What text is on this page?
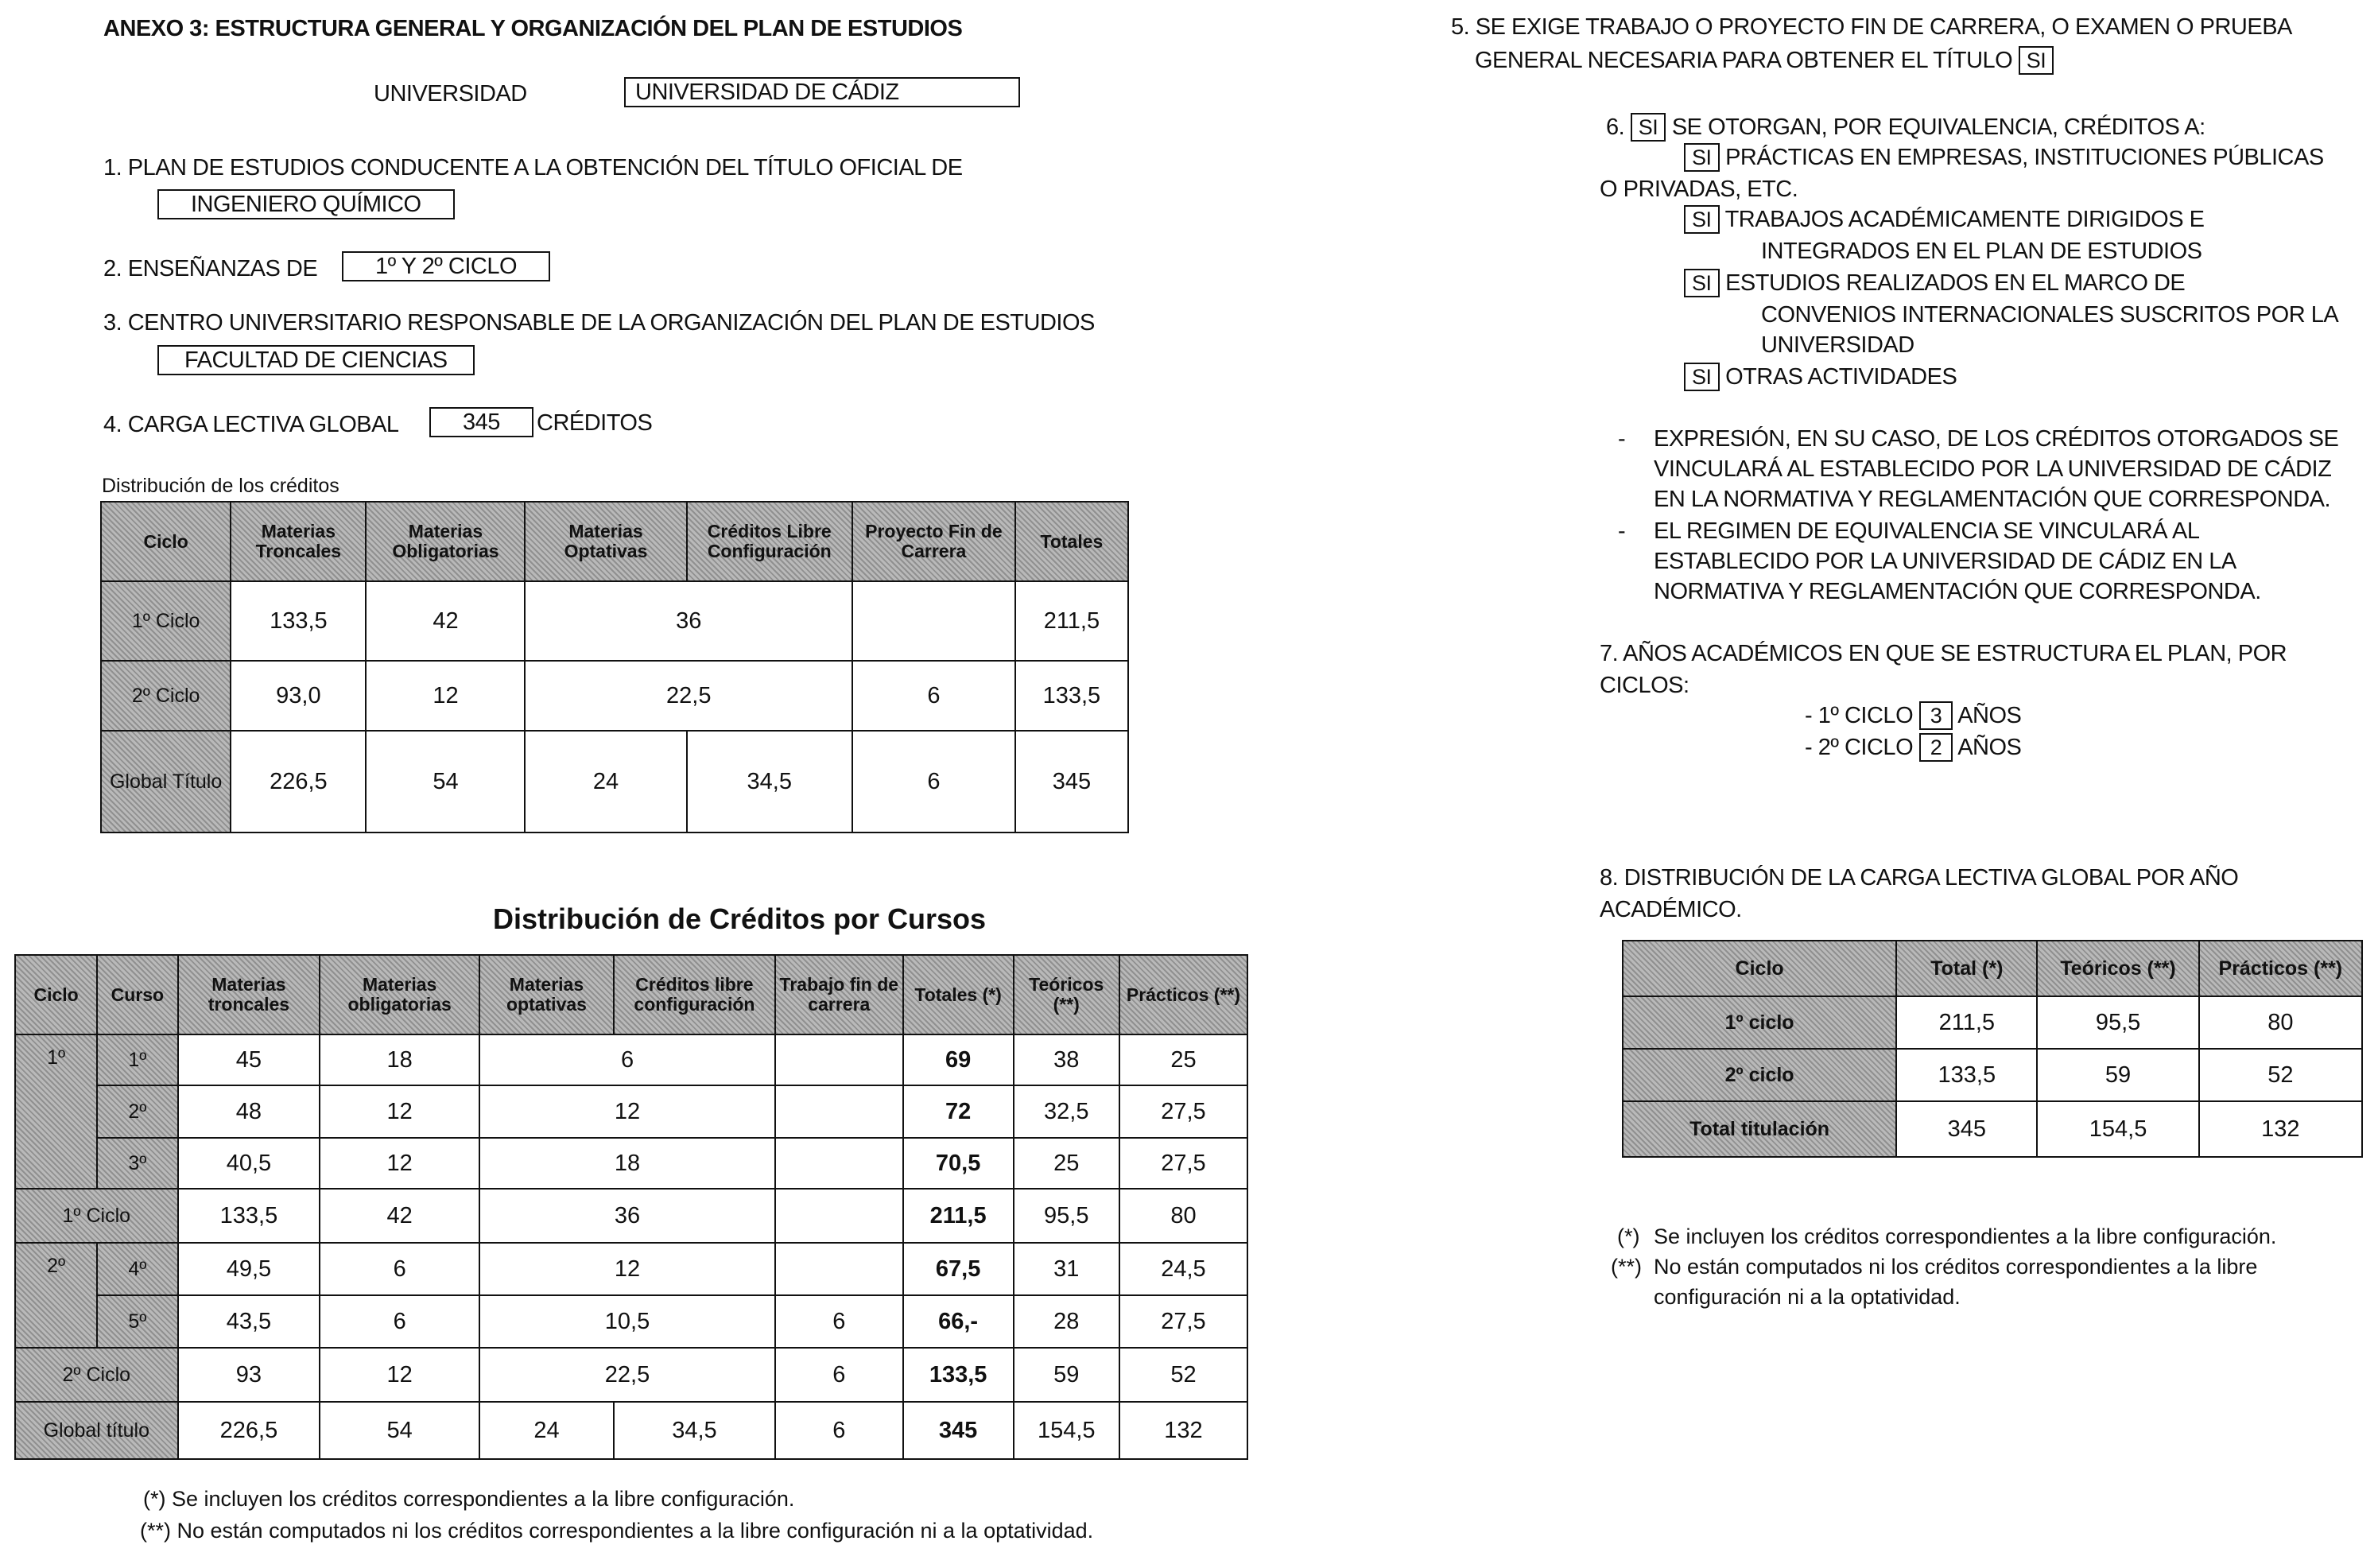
ANEXO 3: ESTRUCTURA GENERAL Y ORGANIZACIÓN DEL PLAN DE ESTUDIOS
UNIVERSIDAD	UNIVERSIDAD DE CÁDIZ
1. PLAN DE ESTUDIOS CONDUCENTE A LA OBTENCIÓN DEL TÍTULO OFICIAL DE
INGENIERO QUÍMICO
2. ENSEÑANZAS DE	1º Y 2º CICLO
3. CENTRO UNIVERSITARIO RESPONSABLE DE LA ORGANIZACIÓN DEL PLAN DE ESTUDIOS
FACULTAD DE CIENCIAS
4. CARGA LECTIVA GLOBAL	345	CRÉDITOS
Distribución de los créditos
Ciclo	Materias Troncales	Materias Obligatorias	Materias Optativas	Créditos Libre Configuración	Proyecto Fin de Carrera	Totales
1º Ciclo	133,5	42	36			211,5
2º Ciclo	93,0	12	22,5		6	133,5
Global Título	226,5	54	24	34,5	6	345
Distribución de Créditos por Cursos
Ciclo	Curso	Materias troncales	Materias obligatorias	Materias optativas	Créditos libre configuración	Trabajo fin de carrera	Totales (*)	Teóricos (**)	Prácticos (**)
1º	1º	45	18	6			69	38	25
	2º	48	12	12			72	32,5	27,5
	3º	40,5	12	18			70,5	25	27,5
1º Ciclo		133,5	42	36			211,5	95,5	80
2º	4º	49,5	6	12			67,5	31	24,5
	5º	43,5	6	10,5		6	66,-	28	27,5
2º Ciclo		93	12	22,5		6	133,5	59	52
Global título		226,5	54	24	34,5	6	345	154,5	132
(*) Se incluyen los créditos correspondientes a la libre configuración.
(**) No están computados ni los créditos correspondientes a la libre configuración ni a la optatividad.
5. SE EXIGE TRABAJO O PROYECTO FIN DE CARRERA, O EXAMEN O PRUEBA
GENERAL NECESARIA PARA OBTENER EL TÍTULO SI
6. SI SE OTORGAN, POR EQUIVALENCIA, CRÉDITOS A:
SI PRÁCTICAS EN EMPRESAS, INSTITUCIONES PÚBLICAS
O PRIVADAS, ETC.
SI TRABAJOS ACADÉMICAMENTE DIRIGIDOS E
INTEGRADOS EN EL PLAN DE ESTUDIOS
SI ESTUDIOS REALIZADOS EN EL MARCO DE
CONVENIOS INTERNACIONALES SUSCRITOS POR LA
UNIVERSIDAD
SI OTRAS ACTIVIDADES
- EXPRESIÓN, EN SU CASO, DE LOS CRÉDITOS OTORGADOS SE
VINCULARÁ AL ESTABLECIDO POR LA UNIVERSIDAD DE CÁDIZ
EN LA NORMATIVA Y REGLAMENTACIÓN QUE CORRESPONDA.
- EL REGIMEN DE EQUIVALENCIA SE VINCULARÁ AL
ESTABLECIDO POR LA UNIVERSIDAD DE CÁDIZ EN LA
NORMATIVA Y REGLAMENTACIÓN QUE CORRESPONDA.
7. AÑOS ACADÉMICOS EN QUE SE ESTRUCTURA EL PLAN, POR
CICLOS:
- 1º CICLO 3 AÑOS
- 2º CICLO 2 AÑOS
8. DISTRIBUCIÓN DE LA CARGA LECTIVA GLOBAL POR AÑO
ACADÉMICO.
Ciclo	Total (*)	Teóricos (**)	Prácticos (**)
1º ciclo	211,5	95,5	80
2º ciclo	133,5	59	52
Total titulación	345	154,5	132
(*) Se incluyen los créditos correspondientes a la libre configuración.
(**) No están computados ni los créditos correspondientes a la libre
configuración ni a la optatividad.
